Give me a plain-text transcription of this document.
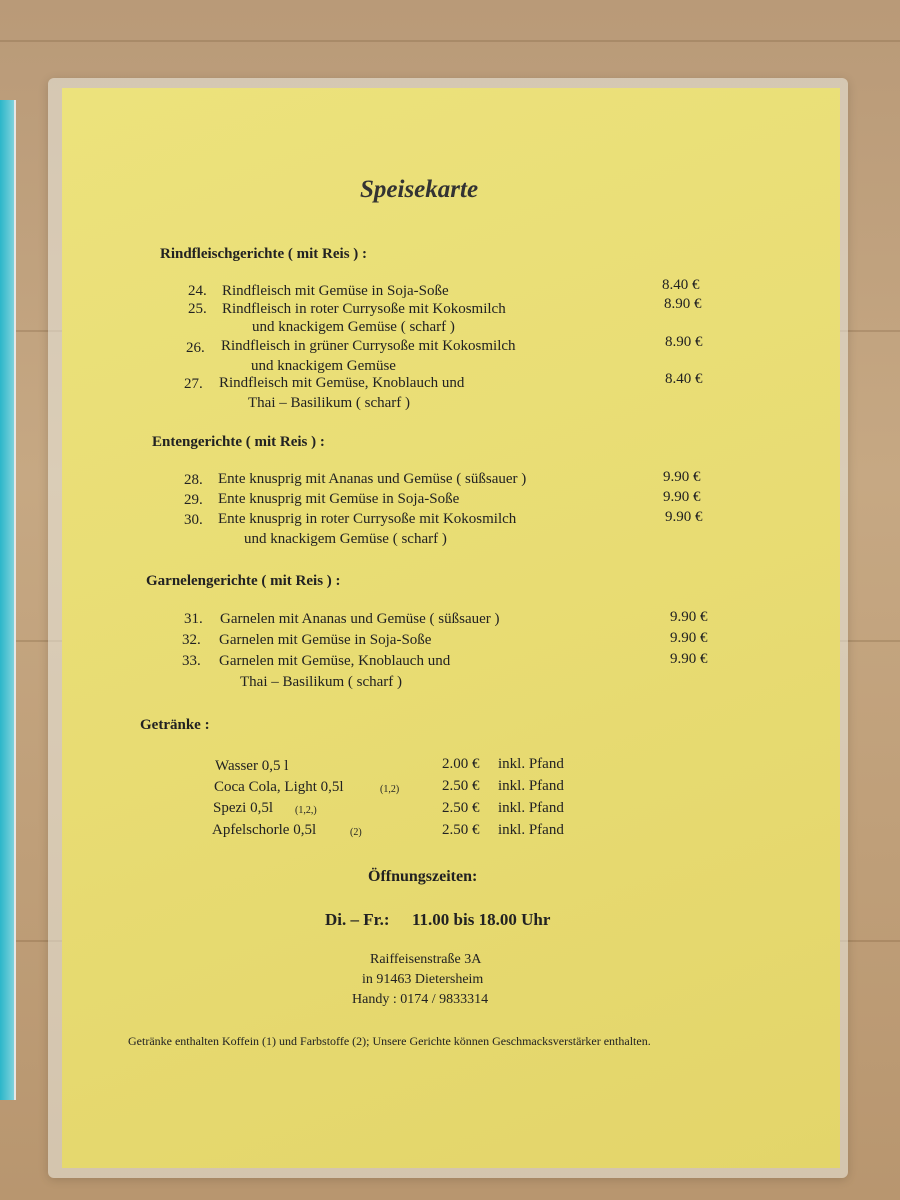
Speisekarte
Rindfleischgerichte ( mit Reis ) :
24. Rindfleisch mit Gemüse in Soja-Soße	8.40 €
25. Rindfleisch in roter Currysoße mit Kokosmilch
und knackigem Gemüse ( scharf )
8.90 €
26. Rindfleisch in grüner Currysoße mit Kokosmilch
und knackigem Gemüse
8.90 €
27. Rindfleisch mit Gemüse, Knoblauch und
Thai – Basilikum ( scharf )
8.40 €
Entengerichte ( mit Reis ) :
28. Ente knusprig mit Ananas und Gemüse ( süßsauer )	9.90 €
29. Ente knusprig mit Gemüse in Soja-Soße	9.90 €
30. Ente knusprig in roter Currysoße mit Kokosmilch
und knackigem Gemüse ( scharf )
9.90 €
Garnelengerichte ( mit Reis ) :
31. Garnelen mit Ananas und Gemüse ( süßsauer )	9.90 €
32. Garnelen mit Gemüse in Soja-Soße	9.90 €
33. Garnelen mit Gemüse, Knoblauch und
Thai – Basilikum ( scharf )
9.90 €
Getränke :
Wasser 0,5 l	2.00 € inkl. Pfand
Coca Cola, Light 0,5l	(1,2)	2.50 € inkl. Pfand
Spezi 0,5l (1,2,)	2.50 € inkl. Pfand
Apfelschorle 0,5l	(2)	2.50 € inkl. Pfand
Öffnungszeiten:
Di. – Fr.: 11.00 bis 18.00 Uhr
Raiffeisenstraße 3A
in 91463 Dietersheim
Handy : 0174 / 9833314
Getränke enthalten Koffein (1) und Farbstoffe (2); Unsere Gerichte können Geschmacksverstärker enthalten.
